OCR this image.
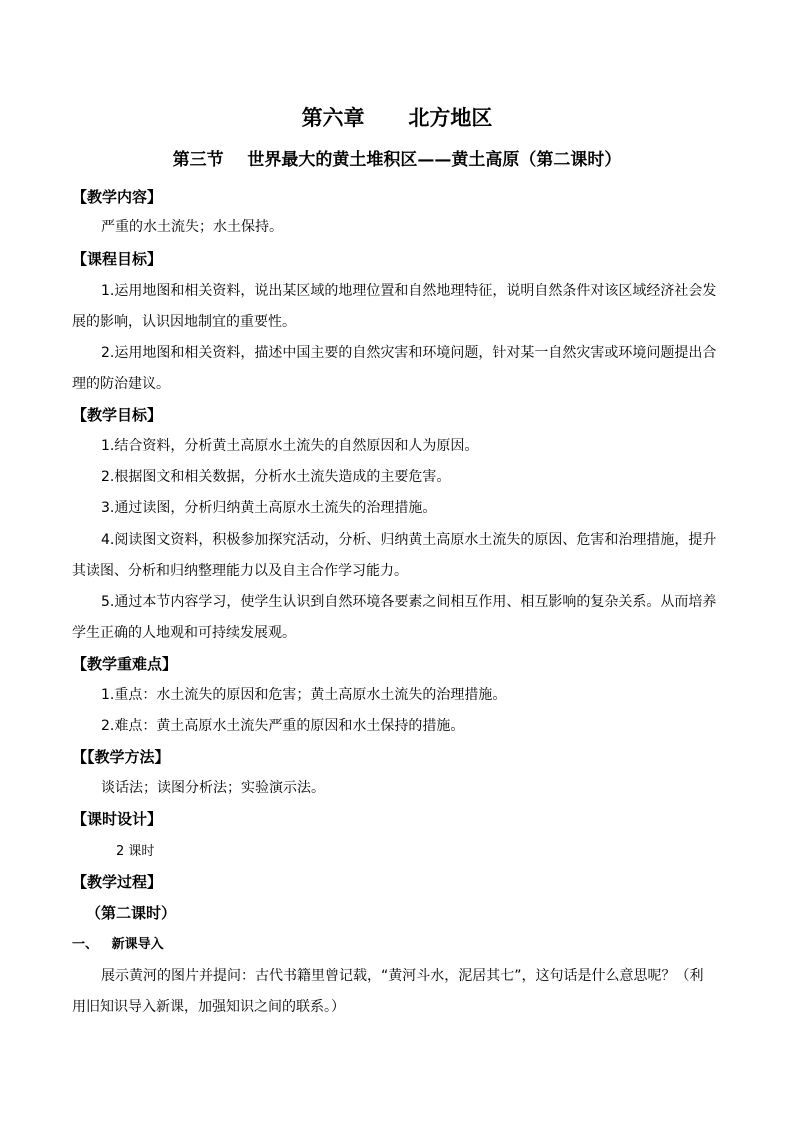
第六章      北方地区
第三节    世界最大的黄土堆积区——黄土高原（第二课时）
【教学内容】
严重的水土流失；水土保持。
【课程目标】
1.运用地图和相关资料，说出某区域的地理位置和自然地理特征，说明自然条件对该区域经济社会发
展的影响，认识因地制宜的重要性。
2.运用地图和相关资料，描述中国主要的自然灾害和环境问题，针对某一自然灾害或环境问题提出合
理的防治建议。
【教学目标】
1.结合资料，分析黄土高原水土流失的自然原因和人为原因。
2.根据图文和相关数据，分析水土流失造成的主要危害。
3.通过读图，分析归纳黄土高原水土流失的治理措施。
4.阅读图文资料，积极参加探究活动，分析、归纳黄土高原水土流失的原因、危害和治理措施，提升
其读图、分析和归纳整理能力以及自主合作学习能力。
5.通过本节内容学习，使学生认识到自然环境各要素之间相互作用、相互影响的复杂关系。从而培养
学生正确的人地观和可持续发展观。
【教学重难点】
1.重点：水土流失的原因和危害；黄土高原水土流失的治理措施。
2.难点：黄土高原水土流失严重的原因和水土保持的措施。
【【教学方法】
谈话法；读图分析法；实验演示法。
【课时设计】
2 课时
【教学过程】
（第二课时）
一、   新课导入
展示黄河的图片并提问：古代书籍里曾记载，“黄河斗水，泥居其七”，这句话是什么意思呢？（利
用旧知识导入新课，加强知识之间的联系。）
